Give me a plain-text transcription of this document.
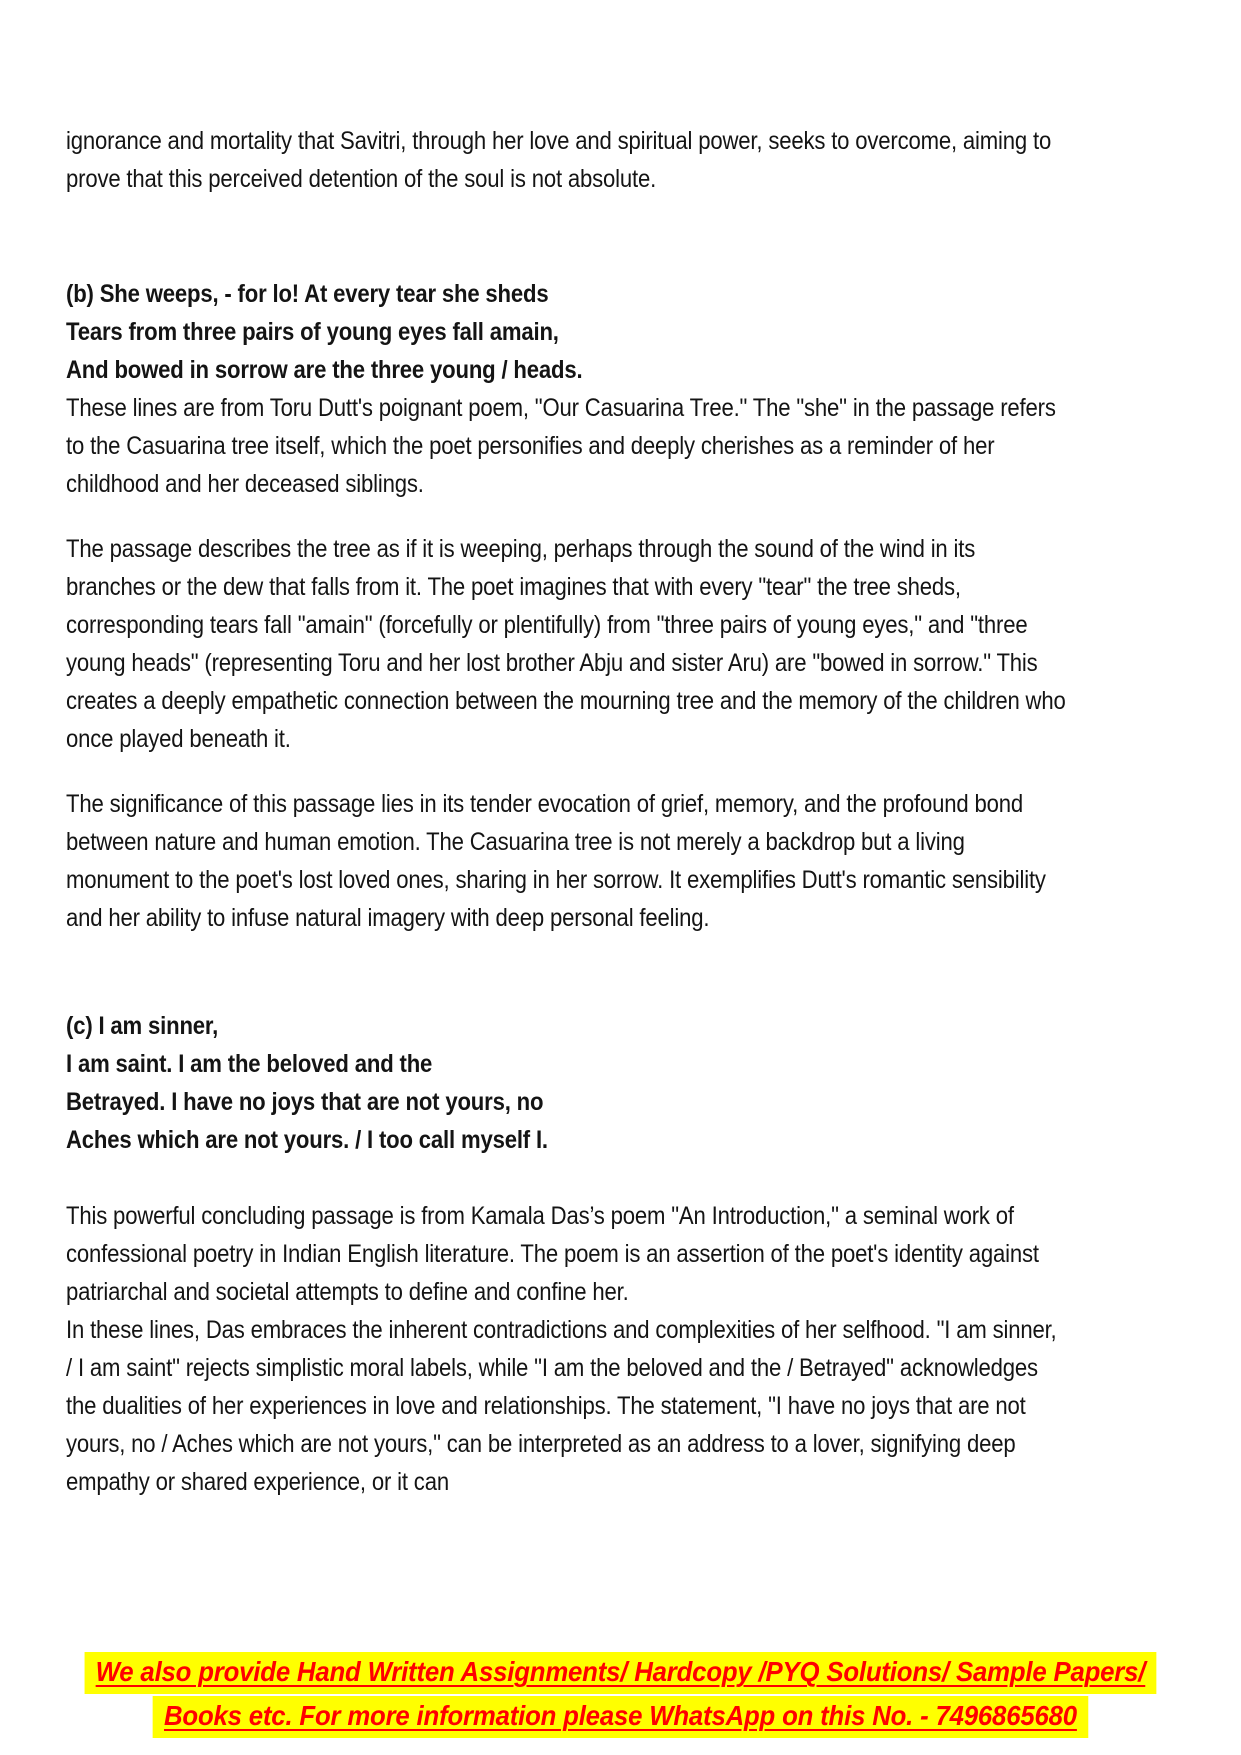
ignorance and mortality that Savitri, through her love and spiritual power, seeks to overcome, aiming to prove that this perceived detention of the soul is not absolute.

(b) She weeps, - for lo! At every tear she sheds
Tears from three pairs of young eyes fall amain,
And bowed in sorrow are the three young / heads.

These lines are from Toru Dutt's poignant poem, "Our Casuarina Tree." The "she" in the passage refers to the Casuarina tree itself, which the poet personifies and deeply cherishes as a reminder of her childhood and her deceased siblings.

The passage describes the tree as if it is weeping, perhaps through the sound of the wind in its branches or the dew that falls from it. The poet imagines that with every "tear" the tree sheds, corresponding tears fall "amain" (forcefully or plentifully) from "three pairs of young eyes," and "three young heads" (representing Toru and her lost brother Abju and sister Aru) are "bowed in sorrow." This creates a deeply empathetic connection between the mourning tree and the memory of the children who once played beneath it.

The significance of this passage lies in its tender evocation of grief, memory, and the profound bond between nature and human emotion. The Casuarina tree is not merely a backdrop but a living monument to the poet's lost loved ones, sharing in her sorrow. It exemplifies Dutt's romantic sensibility and her ability to infuse natural imagery with deep personal feeling.

(c) I am sinner,
I am saint. I am the beloved and the
Betrayed. I have no joys that are not yours, no
Aches which are not yours. / I too call myself I.

This powerful concluding passage is from Kamala Das’s poem "An Introduction," a seminal work of confessional poetry in Indian English literature. The poem is an assertion of the poet's identity against patriarchal and societal attempts to define and confine her.

In these lines, Das embraces the inherent contradictions and complexities of her selfhood. "I am sinner, / I am saint" rejects simplistic moral labels, while "I am the beloved and the / Betrayed" acknowledges the dualities of her experiences in love and relationships. The statement, "I have no joys that are not yours, no / Aches which are not yours," can be interpreted as an address to a lover, signifying deep empathy or shared experience, or it can

We also provide Hand Written Assignments/ Hardcopy /PYQ Solutions/ Sample Papers/
Books etc. For more information please WhatsApp on this No. - 7496865680
